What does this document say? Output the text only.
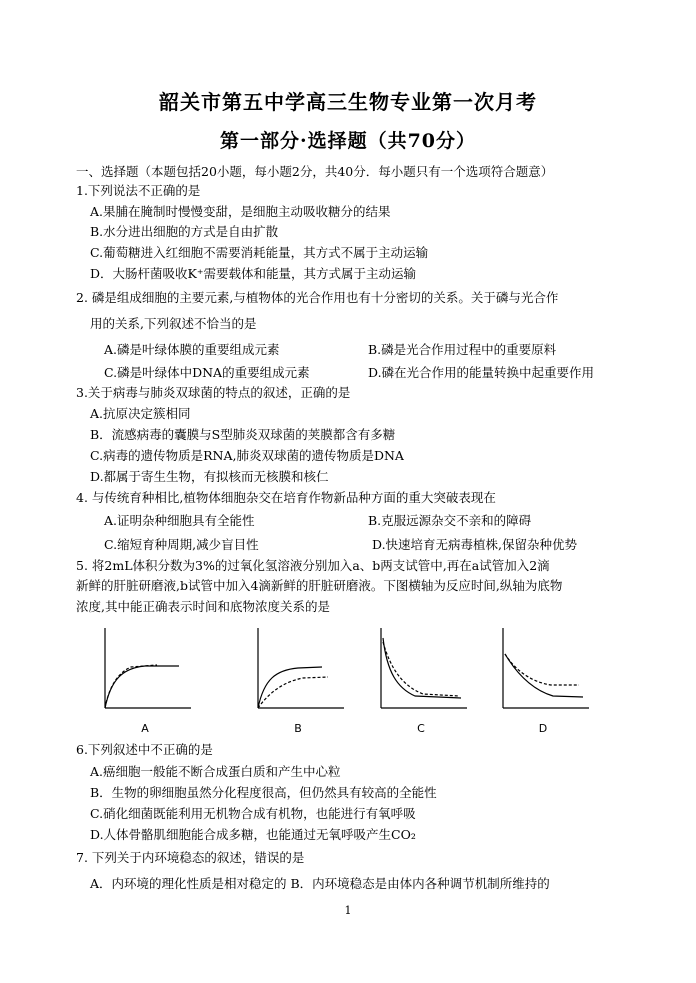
韶关市第五中学高三生物专业第一次月考
第一部分·选择题（共70分）
一、选择题（本题包括20小题，每小题2分，共40分．每小题只有一个选项符合题意）
1.下列说法不正确的是
A.果脯在腌制时慢慢变甜，是细胞主动吸收糖分的结果
B.水分进出细胞的方式是自由扩散
C.葡萄糖进入红细胞不需要消耗能量，其方式不属于主动运输
D．大肠杆菌吸收K⁺需要载体和能量，其方式属于主动运输
2. 磷是组成细胞的主要元素,与植物体的光合作用也有十分密切的关系。关于磷与光合作
用的关系,下列叙述不恰当的是
A.磷是叶绿体膜的重要组成元素	B.磷是光合作用过程中的重要原料
C.磷是叶绿体中DNA的重要组成元素	D.磷在光合作用的能量转换中起重要作用
3.关于病毒与肺炎双球菌的特点的叙述，正确的是
A.抗原决定簇相同
B．流感病毒的囊膜与S型肺炎双球菌的荚膜都含有多糖
C.病毒的遗传物质是RNA,肺炎双球菌的遗传物质是DNA
D.都属于寄生生物，有拟核而无核膜和核仁
4. 与传统育种相比,植物体细胞杂交在培育作物新品种方面的重大突破表现在
A.证明杂种细胞具有全能性	B.克服远源杂交不亲和的障碍
C.缩短育种周期,减少盲目性	D.快速培育无病毒植株,保留杂种优势
5. 将2mL体积分数为3%的过氧化氢溶液分别加入a、b两支试管中,再在a试管加入2滴
新鲜的肝脏研磨液,b试管中加入4滴新鲜的肝脏研磨液。下图横轴为反应时间,纵轴为底物
浓度,其中能正确表示时间和底物浓度关系的是
A	B	C	D
6.下列叙述中不正确的是
A.癌细胞一般能不断合成蛋白质和产生中心粒
B．生物的卵细胞虽然分化程度很高，但仍然具有较高的全能性
C.硝化细菌既能利用无机物合成有机物，也能进行有氧呼吸
D.人体骨骼肌细胞能合成多糖，也能通过无氧呼吸产生CO₂
7. 下列关于内环境稳态的叙述，错误的是
A．内环境的理化性质是相对稳定的 B．内环境稳态是由体内各种调节机制所维持的
1
